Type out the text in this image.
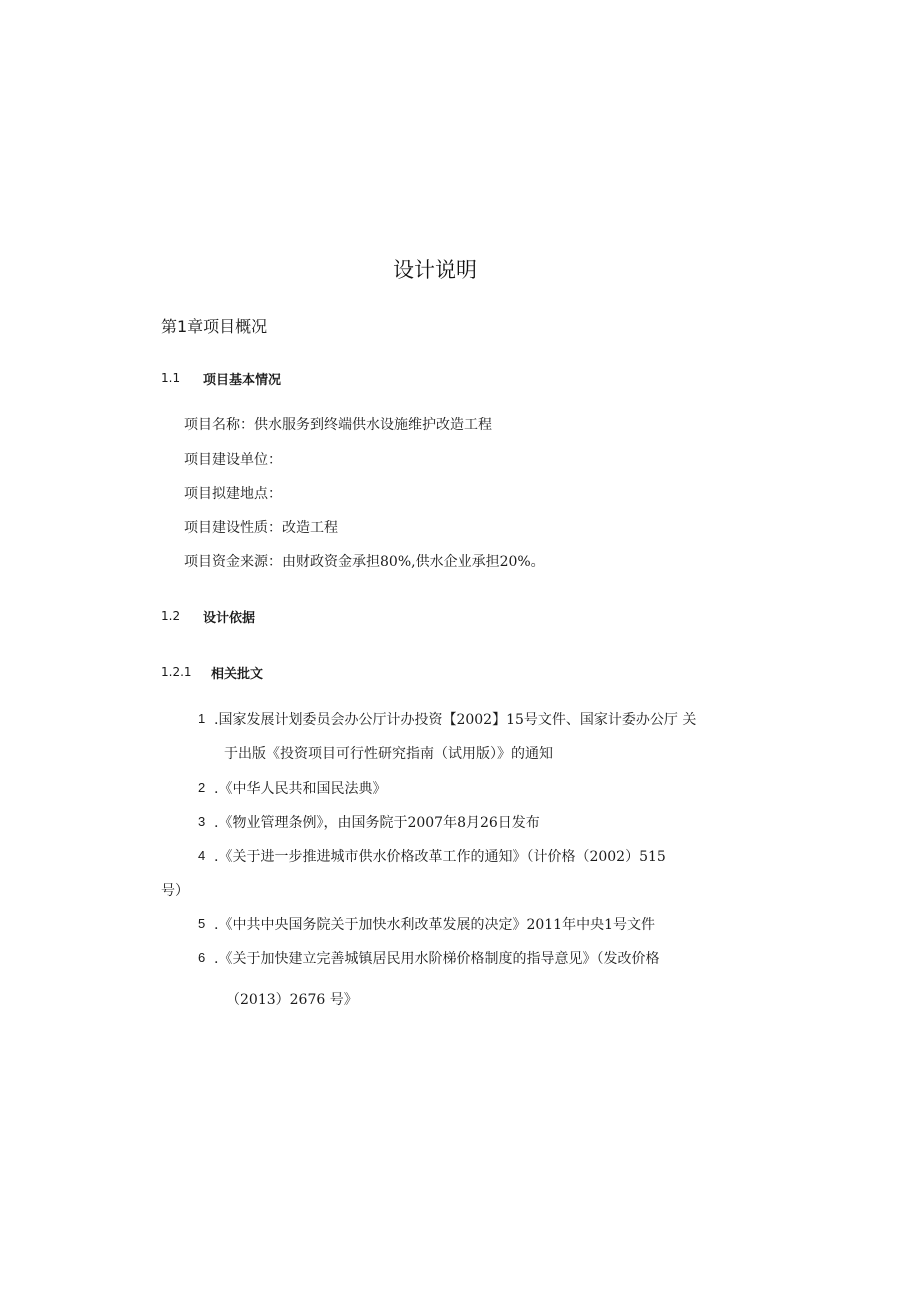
设计说明
第1章项目概况
1.1 项目基本情况
项目名称：供水服务到终端供水设施维护改造工程
项目建设单位：
项目拟建地点：
项目建设性质：改造工程
项目资金来源：由财政资金承担80%,供水企业承担20%。
1.2 设计依据
1.2.1 相关批文
1 .国家发展计划委员会办公厅计办投资【2002】15号文件、国家计委办公厅 关
于出版《投资项目可行性研究指南（试用版）》的通知
2 .《中华人民共和国民法典》
3 .《物业管理条例》，由国务院于2007年8月26日发布
4 .《关于进一步推进城市供水价格改革工作的通知》（计价格（2002）515
号）
5 .《中共中央国务院关于加快水利改革发展的决定》2011年中央1号文件
6 .《关于加快建立完善城镇居民用水阶梯价格制度的指导意见》（发改价格
（2013）2676 号》
